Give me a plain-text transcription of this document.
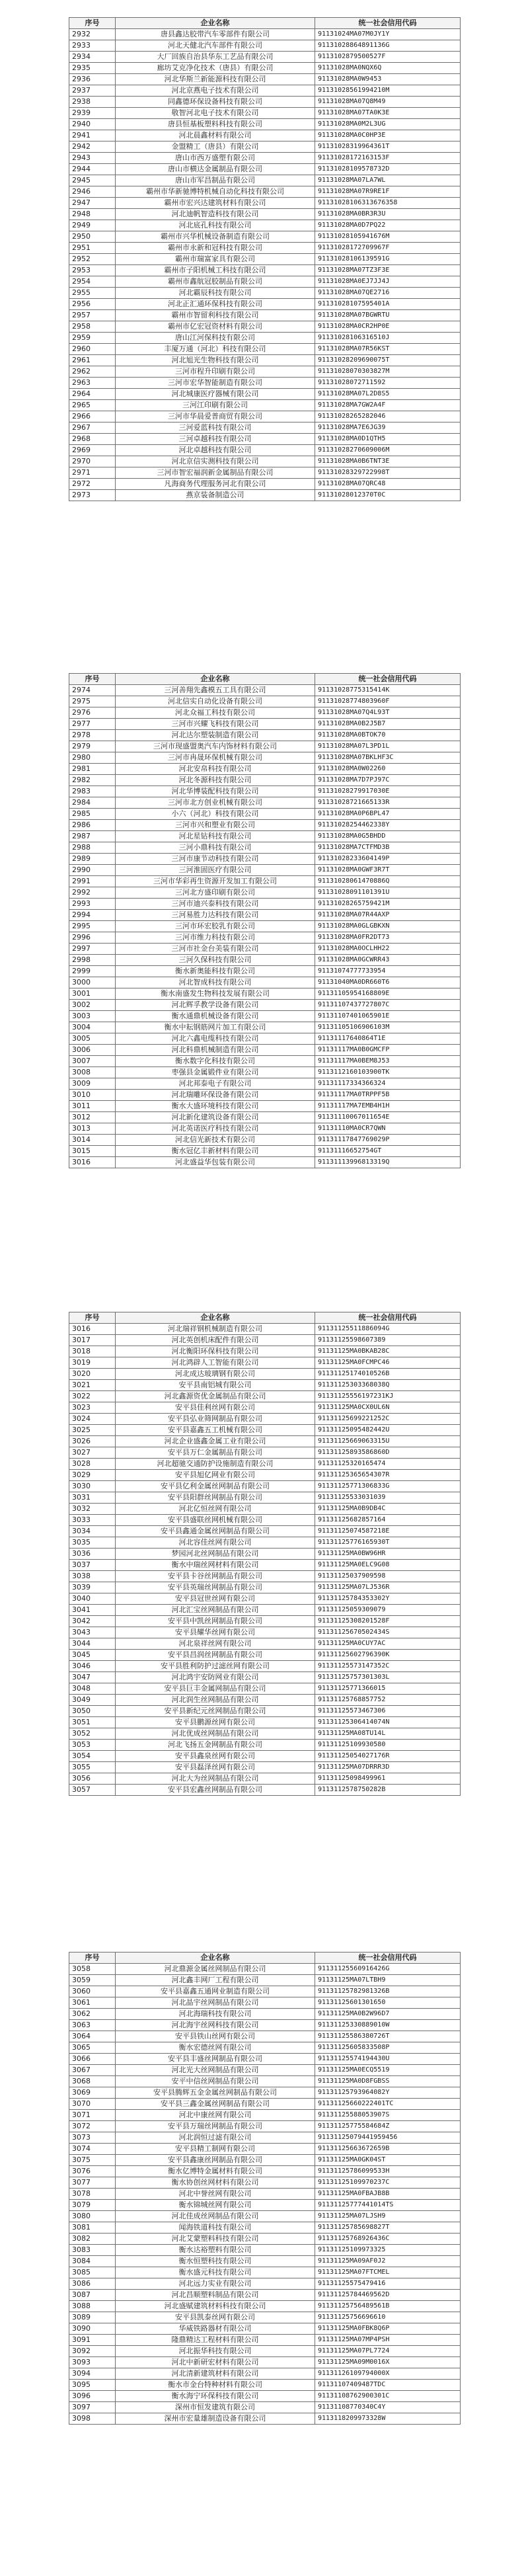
序号	企业名称	统一社会信用代码
2932	唐县鑫达胶带汽车零部件有限公司	91131024MA07M0JY1Y
2933	河北天健北汽车部件有限公司	91131028864891136G
2934	大厂回族自治县华东工艺品有限公司	9113102879500527F
2935	廊坊艾克净化技术（唐县）有限公司	91131028MA0NQX6Q
2936	河北华斯兰新能源科技有限公司	91131028MA0W9453
2937	河北京燕电子技术有限公司	91131028561994210M
2938	同鑫德环保设备科技有限公司	91131028MA07Q8M49
2939	敬智河北电子技术有限公司	91131028MA07TA0K3E
2940	唐县恒基板塑料科技有限公司	91131028MA0M2L3UG
2941	河北晨鑫材料有限公司	91131028MA0C0HP3E
2942	金盟精工（唐县）有限公司	91131028319964361T
2943	唐山市西万盛塑有限公司	91131028172163153F
2944	唐山市横达金属制品有限公司	91131028109578732D
2945	唐山市军昌制品有限公司	91131028MA07LA7WL
2946	霸州市华新驰博特机械自动化科技有限公司	91131028MA07R9RE1F
2947	霸州市宏兴达建筑材料有限公司	91131028106313676358
2948	河北迪帆智造科技有限公司	91131028MA0BR3R3U
2949	河北底孔科技有限公司	91131028MA0D7PQ22
2950	霸州市兴华机械设备制造有限公司	91131028105941676M
2951	霸州市永新和冠科技有限公司	91131028172709967F
2952	霸州市瑞富家具有限公司	91131028106139591G
2953	霸州市子阳机械工科技有限公司	91131028MA07TZ3F3E
2954	霸州市鑫航冠胶制品有限公司	91131028MA0EJ7JJ4J
2955	河北霸辰科技有限公司	91131028MA07QE2716
2956	河北正汇通环保科技有限公司	91131028107595401A
2957	霸州市智留利科技有限公司	91131028MA07BGWRTU
2958	霸州市亿宏冠资材料有限公司	91131028MA0CR2HP0E
2959	唐山江河保科技有限公司	91131028106316510J
2960	丰厦万通（河北）科技有限公司	91131028MA07R56KST
2961	河北旭光生物科技有限公司	91131028209690075T
2962	三河市程升印刷有限公司	91131028070303827M
2963	三河市宏华智能制造有限公司	91131028072711592
2964	河北城康医疗器械有限公司	91131028MA07L2D8S5
2965	三河江印刷有限公司	91131028MA7GW2A4F
2966	三河市华晨爱普商贸有限公司	91131028265282046
2967	三河爱蓝科技有限公司	91131028MA7E6JG39
2968	三河卓越科技有限公司	91131028MA0D1QTH5
2969	河北卓越科技有限公司	91131028270609006M
2970	河北京信实测科技有限公司	91131028MA0B6TNT3E
2971	三河市智宏福润新金属制品有限公司	91131028329722998T
2972	凡海商务代理服务河北有限公司	91131028MA07QRC48
2973	燕京装备制造公司	91131028012370T0C
序号	企业名称	统一社会信用代码
2974	三河善翔先鑫模五工具有限公司	91131028775315414K
2975	河北信实自动化设备有限公司	91131028774803960F
2976	河北众福工科技有限公司	91131028MA07Q4L93T
2977	三河市兴耀飞科技有限公司	91131028MA0B2J5B7
2978	河北达尔塑装制造有限公司	91131028MA0BTOK70
2979	三河市现盛盟奥汽车内饰材料有限公司	91131028MA07L3PD1L
2980	三河市冉晟环保机械有限公司	91131028MA07BKLHF3C
2981	河北安帛科技有限公司	91131028MA0W02260
2982	河北冬源科技有限公司	91131028MA7D7PJ97C
2983	河北华博装配科技有限公司	91131028279917030E
2984	三河市北方创业机械有限公司	91131028721665133R
2985	小六（河北）科技有限公司	91131028MA0P6BPL47
2986	三河市兴和塑业有限公司	91131028254462338Y
2987	河北星钻科技有限公司	91131028MA0G5BHDD
2988	三河小鼎科技有限公司	91131028MA7CTFMD3B
2989	三河市康节动科技有限公司	91131028233604149P
2990	三河淮固医疗有限公司	91131028MA0GWF3R7T
2991	三河市华彩再生资源开发加工有限公司	91131028061470886Q
2992	三河北方盛印刷有限公司	91131028091101391U
2993	三河市迪兴泰科技有限公司	91131028265759421M
2994	三河易胜力达科技有限公司	91131028MA07R44AXP
2995	三河市环宏胶乳有限公司	91131028MA0GLGBKXN
2996	三河市维力科技有限公司	91131028MA0FR2DT73
2997	三河市社金台美装有限公司	91131028MA0OCLHH22
2998	三河久保科技有限公司	91131028MA0GCWRR43
2999	衡水新奥能科技有限公司	91131074777733954
3000	河北智成科技有限公司	91131040MA0DR660T6
3001	衡水南盛发生物科技发展有限公司	91131105954168809E
3002	河北辉孚教学设备有限公司	91131107437727807C
3003	衡水通鼎机械设备有限公司	91131107401065901E
3004	衡水中耘钢筋网片加工有限公司	91131105106906103M
3005	河北六鑫电缆科技有限公司	91131117640864T1E
3006	河北科鼎机械制造有限公司	91131117MA0B0GMCFP
3007	衡水数字化科技有限公司	91131117MA0BEM8J53
3008	枣强县金属锻件业有限公司	9113112160103900TK
3009	河北邦泰电子有限公司	91131117334366324
3010	河北瑞雕环保设备有限公司	91131117MA0TRPPF5B
3011	衡水大盛环境科技有限公司	91131117MA7EMB4H1H
3012	河北新化建筑设备有限公司	91131110067011654E
3013	河北英诺医疗科技有限公司	91131110MA0CR7QWN
3014	河北信光新技术有限公司	91131117847769029P
3015	衡水冠亿丰新材料有限公司	91131116652754GT
3016	河北盛益华包装有限公司	91131113996813319Q
序号	企业名称	统一社会信用代码
3016	河北瑞祥钢机械制造有限公司	91131125511886094G
3017	河北英创机床配件有限公司	91131125598607389
3018	河北衡阳环保科技有限公司	91131125MA0BKAB28C
3019	河北鸿辟人工智能有限公司	91131125MA0FCMPC46
3020	河北成达玻璃钢有限公司	91131125174010526B
3021	安平县南铝城有限公司	91131125303368038Q
3022	河北鑫源资优金属制品有限公司	91131125556197231KJ
3023	安平县佳利丝网有限公司	91131125MA0CX0UL6N
3024	安平县弘业筛网制品有限公司	91131125699221252C
3025	安平县嘉鑫五工机械有限公司	91131125095482442U
3026	河北企业盛鑫金属工业有限公司	91131125669063315U
3027	安平县万仁金属制品有限公司	91131125893586860D
3028	河北超驰交通防护设施制造有限公司	91131125320165474
3029	安平县旭亿网业有限公司	91131125365654307R
3030	安平县亿利金属丝网制品有限公司	91131125771306833G
3031	安平县阳群丝网制品有限公司	91131125533031039
3032	河北亿恒丝网有限公司	91131125MA0B9DB4C
3033	安平县盛联丝网机械有限公司	91131125682857164
3034	安平县鑫通金属丝网制品有限公司	91131125074587218E
3035	河北容佳丝网有限公司	91131125776165930T
3036	梦园河北丝网制品有限公司	91131125MA0BW96HR
3037	衡水中瑞丝网材料有限公司	91131125MA0ELC9G08
3038	安平县卡谷丝网制品有限公司	91131125037909598
3039	安平县英瑞丝网制品有限公司	91131125MA07LJ536R
3040	安平县冠世丝网有限公司	91131125784353302Y
3041	河北汇宝丝网制品有限公司	91131125059309079
3042	安平县中凯丝网制品有限公司	91131125308201528F
3043	安平县耀华丝网有限公司	91131125670502434S
3044	河北泉祥丝网有限公司	91131125MA0CUY7AC
3045	安平县昌润丝网制品有限公司	91131125602796390K
3046	安平县胜利防护过滤丝网有限公司	91131125573147352C
3047	河北鸿宇安防网业有限公司	91131125757301303L
3048	安平县巨丰金属网制品有限公司	91131125771366015
3049	河北润生丝网制品有限公司	91131125768857752
3050	安平县新纪元丝网制品有限公司	91131125573467306
3051	安平县鹏源丝网有限公司	91131125306414074N
3052	河北优成丝网制品有限公司	91131125MA08TU14L
3053	河北飞扬五金网制品有限公司	91131125109930580
3054	安平县鑫泉丝网有限公司	91131125054027176R
3055	安平县磊泽丝网有限公司	91131125MA07DRRR3D
3056	河北大为丝网制品有限公司	91131125098499961
3057	安平县宏鑫丝网制品有限公司	9113112578750282B
序号	企业名称	统一社会信用代码
3058	河北鼎源金属丝网制品有限公司	91131125560916426G
3059	河北鑫丰网厂工程有限公司	91131125MA07LTBH9
3060	安平县嘉鑫五通网业制造有限公司	91131125782981326B
3061	河北晶宇丝网制品有限公司	91131125601301650
3062	河北海瑞科技有限公司	91131125MA0B2W96D7
3063	河北海宇丝网科技有限公司	91131125330889010W
3064	安平县铁山丝网有限公司	91131125586380726T
3065	衡水宏德丝网有限公司	91131125605833508P
3066	安平县丰盛丝网制品有限公司	91131125574194430U
3067	河北光大丝网制品有限公司	91131125MA0ECQ5519
3068	安平中信丝网制品有限公司	91131125MA0D8FGBSS
3069	安平县腾辉五金金属丝网制品有限公司	91131125793964082Y
3070	安平县三鑫金属丝网制品有限公司	91131125660222401TC
3071	河北中康丝网有限公司	91131125588053907S
3072	安平县万瑞丝网制品有限公司	91131125775584684Z
3073	河北润恒过滤有限公司	91131125079441959456
3074	安平县精工制网有限公司	91131125663672659B
3075	安平县鑫康丝网制品有限公司	91131125MA0GK04ST
3076	衡水亿博特金属材料有限公司	91131125786099533H
3077	衡水协创丝网材料有限公司	91131125109970237C
3078	河北中誉丝网有限公司	91131125MA0FBAJB8B
3079	衡水锦城丝网有限公司	91131125777441014TS
3080	河北佳成丝网制品有限公司	91131125MA07LJSH9
3081	闻海铁道科技有限公司	91131125785698827T
3082	河北艾蒙塑料科技有限公司	91131125768926436C
3083	衡水达裕塑料有限公司	91131125109973325
3084	衡水恒塑科技有限公司	91131125MA09AF0J2
3085	衡水盛元科技有限公司	91131125MA07FTCMEL
3086	河北远力实业有限公司	91131125575479416
3087	河北昌顺塑料制品有限公司	91131125784469562D
3088	河北盛赋建筑材料科技有限公司	91131125756489561B
3089	安平县凯泰丝网有限公司	91131125756696610
3090	华威铁路器材有限公司	91131125MA0FBK8Q6P
3091	隆鼎精达工程材料有限公司	91131125MA07MP4PSH
3092	河北振华科技有限公司	91131125MA07PL7724
3093	河北中新研宏材料有限公司	91131125MA09M0016X
3094	河北清新建筑材料有限公司	91131126109794000X
3095	衡水市金台特种材料有限公司	91131107409487TDC
3096	衡水海宁环保科技有限公司	91131108762900301C
3097	深州市恒发建筑有限公司	91131108770340C4Y
3098	深州市宏量雄制造设备有限公司	9113118209973328W
